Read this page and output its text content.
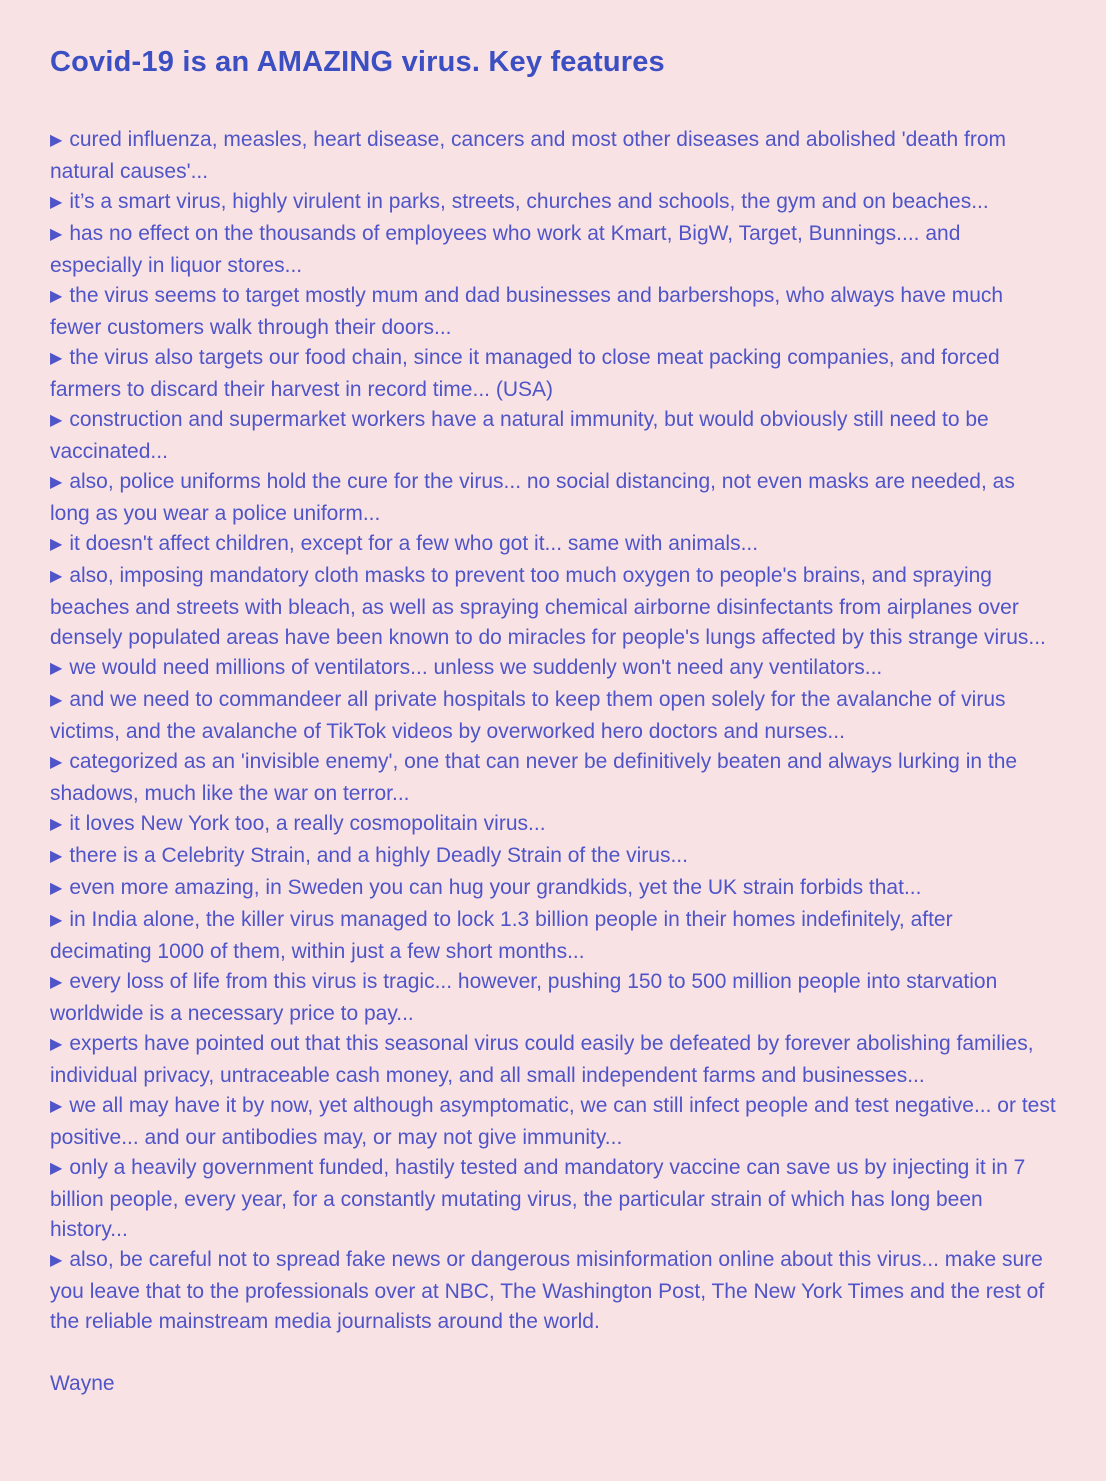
Covid-19 is an AMAZING virus. Key features

▶ cured influenza, measles, heart disease, cancers and most other diseases and abolished 'death from natural causes'...

▶ it’s a smart virus, highly virulent in parks, streets, churches and schools, the gym and on beaches...

▶ has no effect on the thousands of employees who work at Kmart, BigW, Target, Bunnings.... and especially in liquor stores...

▶ the virus seems to target mostly mum and dad businesses and barbershops, who always have much fewer customers walk through their doors...

▶ the virus also targets our food chain, since it managed to close meat packing companies, and forced farmers to discard their harvest in record time... (USA)

▶ construction and supermarket workers have a natural immunity, but would obviously still need to be vaccinated...

▶ also, police uniforms hold the cure for the virus... no social distancing, not even masks are needed, as long as you wear a police uniform...

▶ it doesn't affect children, except for a few who got it... same with animals...

▶ also, imposing mandatory cloth masks to prevent too much oxygen to people's brains, and spraying beaches and streets with bleach, as well as spraying chemical airborne disinfectants from airplanes over densely populated areas have been known to do miracles for people's lungs affected by this strange virus...

▶ we would need millions of ventilators... unless we suddenly won't need any ventilators...

▶ and we need to commandeer all private hospitals to keep them open solely for the avalanche of virus victims, and the avalanche of TikTok videos by overworked hero doctors and nurses...

▶ categorized as an 'invisible enemy', one that can never be definitively beaten and always lurking in the shadows, much like the war on terror...

▶ it loves New York too, a really cosmopolitain virus...

▶ there is a Celebrity Strain, and a highly Deadly Strain of the virus...

▶ even more amazing, in Sweden you can hug your grandkids, yet the UK strain forbids that...

▶ in India alone, the killer virus managed to lock 1.3 billion people in their homes indefinitely, after decimating 1000 of them, within just a few short months...

▶ every loss of life from this virus is tragic... however, pushing 150 to 500 million people into starvation worldwide is a necessary price to pay...

▶ experts have pointed out that this seasonal virus could easily be defeated by forever abolishing families, individual privacy, untraceable cash money, and all small independent farms and businesses...

▶ we all may have it by now, yet although asymptomatic, we can still infect people and test negative... or test positive... and our antibodies may, or may not give immunity...

▶ only a heavily government funded, hastily tested and mandatory vaccine can save us by injecting it in 7 billion people, every year, for a constantly mutating virus, the particular strain of which has long been history...

▶ also, be careful not to spread fake news or dangerous misinformation online about this virus... make sure you leave that to the professionals over at NBC, The Washington Post, The New York Times and the rest of the reliable mainstream media journalists around the world.

Wayne
